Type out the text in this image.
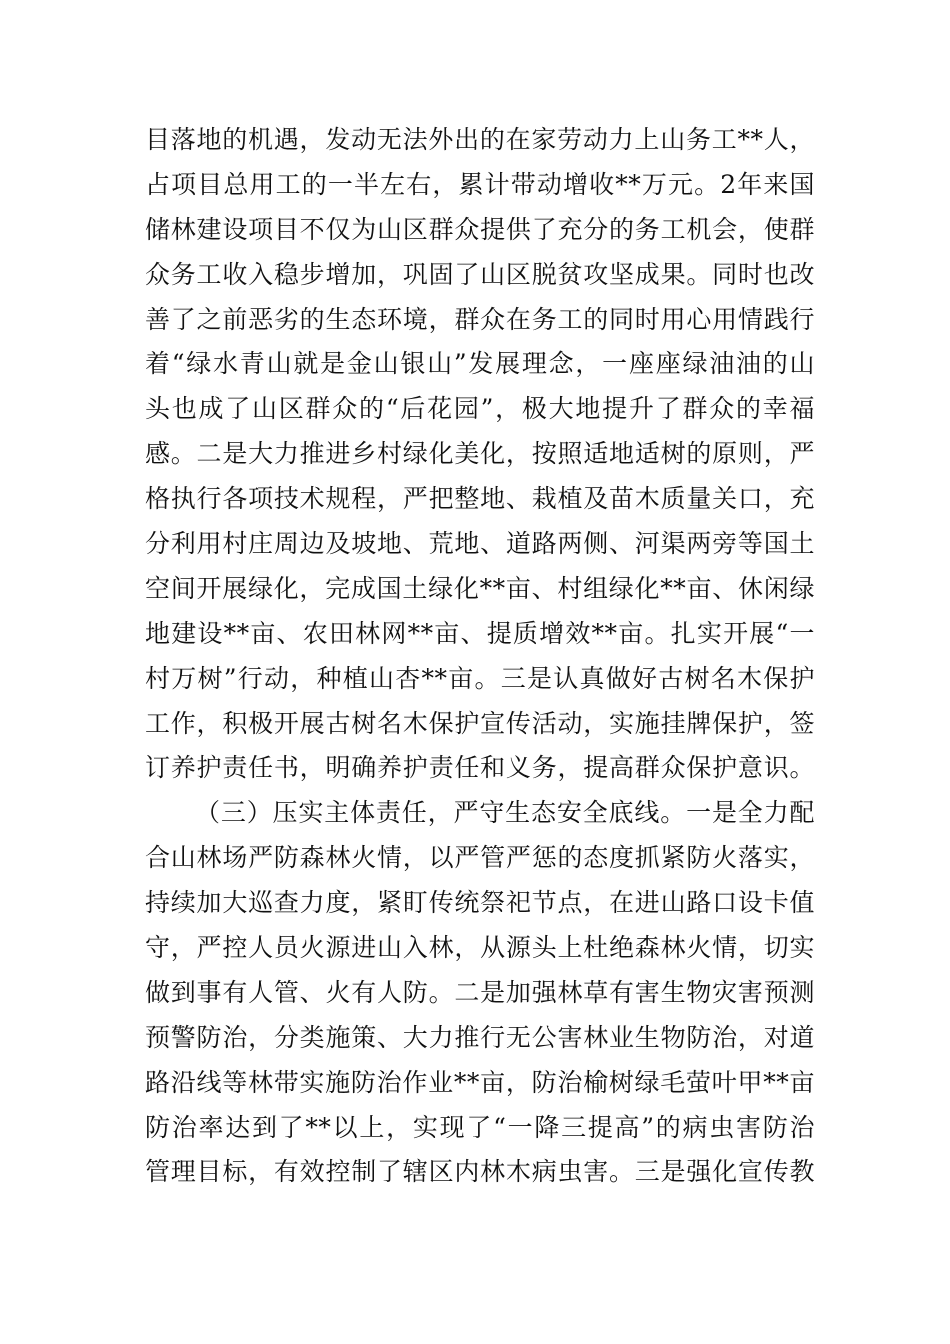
目落地的机遇，发动无法外出的在家劳动力上山务工**人，
占项目总用工的一半左右，累计带动增收**万元。2年来国
储林建设项目不仅为山区群众提供了充分的务工机会，使群
众务工收入稳步增加，巩固了山区脱贫攻坚成果。同时也改
善了之前恶劣的生态环境，群众在务工的同时用心用情践行
着“绿水青山就是金山银山”发展理念，一座座绿油油的山
头也成了山区群众的“后花园”，极大地提升了群众的幸福
感。二是大力推进乡村绿化美化，按照适地适树的原则，严
格执行各项技术规程，严把整地、栽植及苗木质量关口，充
分利用村庄周边及坡地、荒地、道路两侧、河渠两旁等国土
空间开展绿化，完成国土绿化**亩、村组绿化**亩、休闲绿
地建设**亩、农田林网**亩、提质增效**亩。扎实开展“一
村万树”行动，种植山杏**亩。三是认真做好古树名木保护
工作，积极开展古树名木保护宣传活动，实施挂牌保护，签
订养护责任书，明确养护责任和义务，提高群众保护意识。
（三）压实主体责任，严守生态安全底线。一是全力配
合山林场严防森林火情，以严管严惩的态度抓紧防火落实，
持续加大巡查力度，紧盯传统祭祀节点，在进山路口设卡值
守，严控人员火源进山入林，从源头上杜绝森林火情，切实
做到事有人管、火有人防。二是加强林草有害生物灾害预测
预警防治，分类施策、大力推行无公害林业生物防治，对道
路沿线等林带实施防治作业**亩，防治榆树绿毛萤叶甲**亩
防治率达到了**以上，实现了“一降三提高”的病虫害防治
管理目标，有效控制了辖区内林木病虫害。三是强化宣传教
